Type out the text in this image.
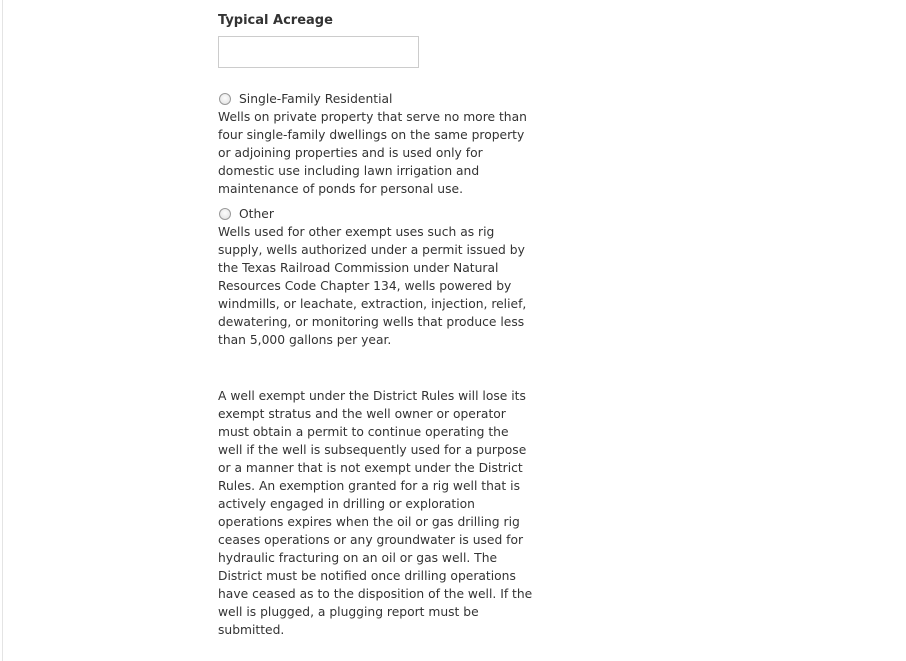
Typical Acreage
Single-Family Residential
Wells on private property that serve no more than
four single-family dwellings on the same property
or adjoining properties and is used only for
domestic use including lawn irrigation and
maintenance of ponds for personal use.
Other
Wells used for other exempt uses such as rig
supply, wells authorized under a permit issued by
the Texas Railroad Commission under Natural
Resources Code Chapter 134, wells powered by
windmills, or leachate, extraction, injection, relief,
dewatering, or monitoring wells that produce less
than 5,000 gallons per year.
A well exempt under the District Rules will lose its
exempt stratus and the well owner or operator
must obtain a permit to continue operating the
well if the well is subsequently used for a purpose
or a manner that is not exempt under the District
Rules. An exemption granted for a rig well that is
actively engaged in drilling or exploration
operations expires when the oil or gas drilling rig
ceases operations or any groundwater is used for
hydraulic fracturing on an oil or gas well. The
District must be notified once drilling operations
have ceased as to the disposition of the well. If the
well is plugged, a plugging report must be
submitted.
